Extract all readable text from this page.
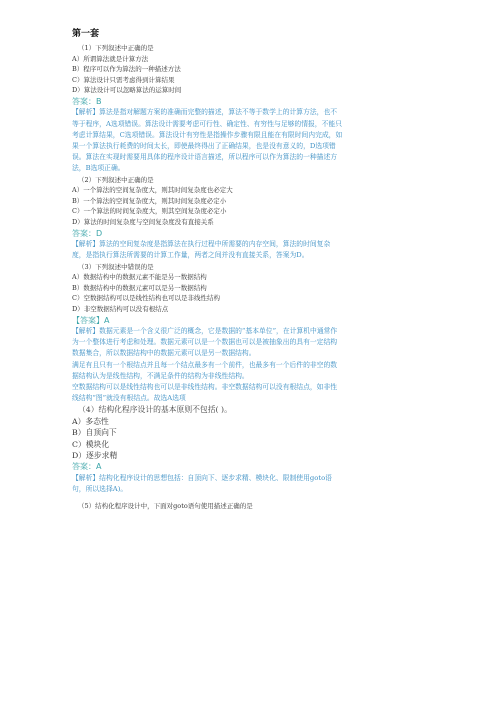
第一套
（1）下列叙述中正确的是
A）所谓算法就是计算方法
B）程序可以作为算法的一种描述方法
C）算法设计只需考虑得到计算结果
D）算法设计可以忽略算法的运算时间
答案：B
【解析】算法是指对解题方案的准确而完整的描述，算法不等于数学上的计算方法，也不
等于程序，A选项错误。算法设计需要考虑可行性、确定性、有穷性与足够的情报，不能只
考虑计算结果，C选项错误。算法设计有穷性是指操作步骤有限且能在有限时间内完成，如
果一个算法执行耗费的时间太长，即使最终得出了正确结果，也是没有意义的，D选项错
误。算法在实现时需要用具体的程序设计语言描述，所以程序可以作为算法的一种描述方
法，B选项正确。
（2）下列叙述中正确的是
A）一个算法的空间复杂度大，则其时间复杂度也必定大
B）一个算法的空间复杂度大，则其时间复杂度必定小
C）一个算法的时间复杂度大，则其空间复杂度必定小
D）算法的时间复杂度与空间复杂度没有直接关系
答案：D
【解析】算法的空间复杂度是指算法在执行过程中所需要的内存空间，算法的时间复杂
度，是指执行算法所需要的计算工作量，两者之间并没有直接关系，答案为D。
（3）下列叙述中错误的是
A）数据结构中的数据元素不能是另一数据结构
B）数据结构中的数据元素可以是另一数据结构
C）空数据结构可以是线性结构也可以是非线性结构
D）非空数据结构可以没有根结点
【答案】A
【解析】数据元素是一个含义很广泛的概念，它是数据的“基本单位”，在计算机中通常作
为一个整体进行考虑和处理。数据元素可以是一个数据也可以是被抽象出的具有一定结构
数据集合，所以数据结构中的数据元素可以是另一数据结构。
满足有且只有一个根结点并且每一个结点最多有一个前件，也最多有一个后件的非空的数
据结构认为是线性结构，不满足条件的结构为非线性结构。
空数据结构可以是线性结构也可以是非线性结构。非空数据结构可以没有根结点，如非性
线结构“图”就没有根结点。故选A选项
（4）结构化程序设计的基本原则不包括( )。
A）多态性
B）自顶向下
C）模块化
D）逐步求精
答案：A
【解析】结构化程序设计的思想包括：自顶向下、逐步求精、模块化、限制使用goto语
句，所以选择A)。
（5）结构化程序设计中，下面对goto语句使用描述正确的是
